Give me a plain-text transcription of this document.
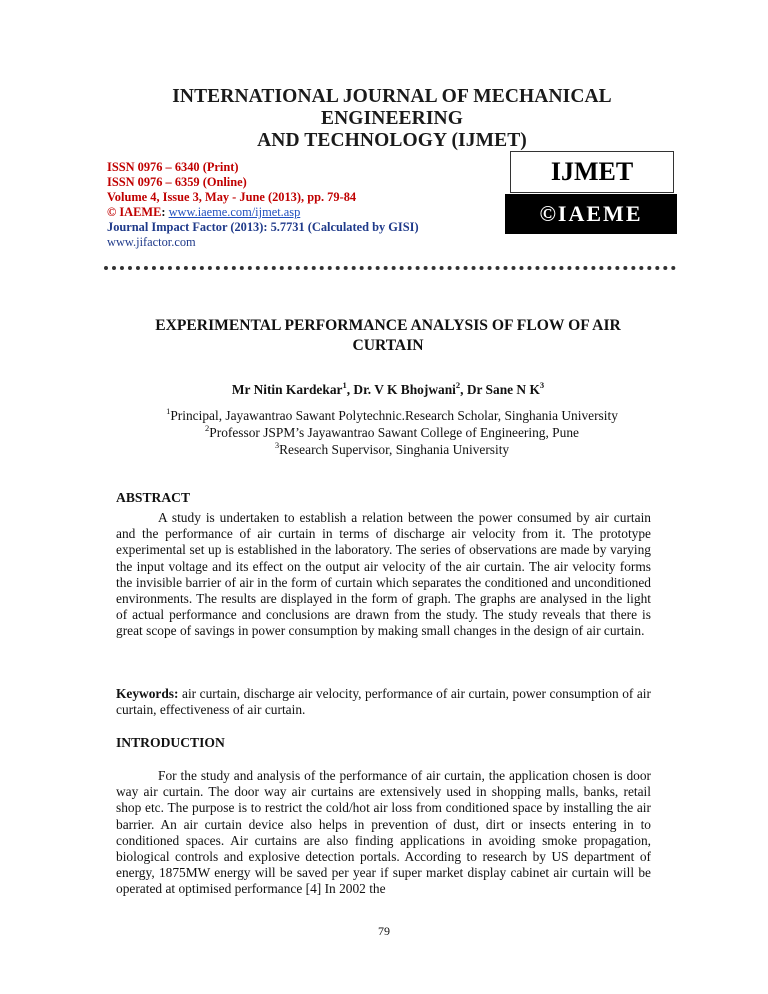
INTERNATIONAL JOURNAL OF MECHANICAL ENGINEERING
AND TECHNOLOGY (IJMET)
ISSN 0976 – 6340 (Print)
ISSN 0976 – 6359 (Online)
Volume 4, Issue 3, May - June (2013), pp. 79-84
© IAEME: www.iaeme.com/ijmet.asp
Journal Impact Factor (2013): 5.7731 (Calculated by GISI)
www.jifactor.com
IJMET
©IAEME
EXPERIMENTAL PERFORMANCE ANALYSIS OF FLOW OF AIR
CURTAIN
Mr Nitin Kardekar$^1$, Dr. V K Bhojwani$^2$, Dr Sane N $K^3$
$^1$Principal, Jayawantrao Sawant Polytechnic.Research Scholar, Singhania University
$^2$Professor JSPM’s Jayawantrao Sawant College of Engineering, Pune
$^3$Research Supervisor, Singhania University
ABSTRACT

A study is undertaken to establish a relation between the power consumed by air curtain and the performance of air curtain in terms of discharge air velocity from it. The prototype experimental set up is established in the laboratory. The series of observations are made by varying the input voltage and its effect on the output air velocity of the air curtain. The air velocity forms the invisible barrier of air in the form of curtain which separates the conditioned and unconditioned environments. The results are displayed in the form of graph. The graphs are analysed in the light of actual performance and conclusions are drawn from the study. The study reveals that there is great scope of savings in power consumption by making small changes in the design of air curtain.

Keywords: air curtain, discharge air velocity, performance of air curtain, power consumption of air curtain, effectiveness of air curtain.

INTRODUCTION

For the study and analysis of the performance of air curtain, the application chosen is door way air curtain. The door way air curtains are extensively used in shopping malls, banks, retail shop etc. The purpose is to restrict the cold/hot air loss from conditioned space by installing the air barrier. An air curtain device also helps in prevention of dust, dirt or insects entering in to conditioned spaces. Air curtains are also finding applications in avoiding smoke propagation, biological controls and explosive detection portals. According to research by US department of energy, 1875MW energy will be saved per year if super market display cabinet air curtain will be operated at optimised performance [4] In 2002 the

79
